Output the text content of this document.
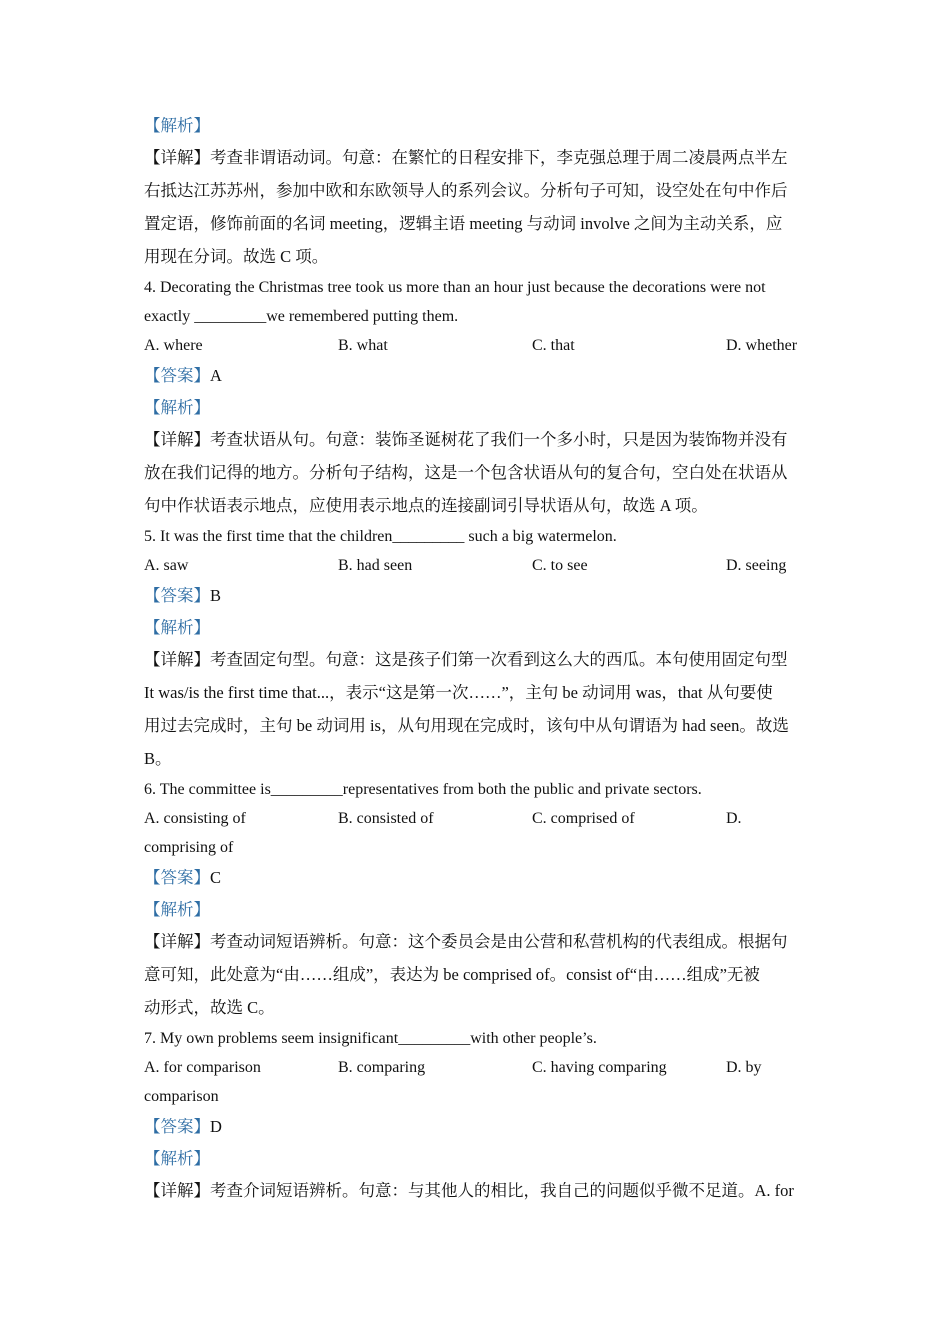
【解析】
【详解】考查非谓语动词。句意：在繁忙的日程安排下，李克强总理于周二凌晨两点半左
右抵达江苏苏州，参加中欧和东欧领导人的系列会议。分析句子可知，设空处在句中作后
置定语，修饰前面的名词 meeting，逻辑主语 meeting 与动词 involve 之间为主动关系，应
用现在分词。故选 C 项。
4. Decorating the Christmas tree took us more than an hour just because the decorations were not
exactly _________we remembered putting them.
A. where	B. what	C. that	D. whether
【答案】A
【解析】
【详解】考查状语从句。句意：装饰圣诞树花了我们一个多小时，只是因为装饰物并没有
放在我们记得的地方。分析句子结构，这是一个包含状语从句的复合句，空白处在状语从
句中作状语表示地点，应使用表示地点的连接副词引导状语从句，故选 A 项。
5. It was the first time that the children_________ such a big watermelon.
A. saw	B. had seen	C. to see	D. seeing
【答案】B
【解析】
【详解】考查固定句型。句意：这是孩子们第一次看到这么大的西瓜。本句使用固定句型
It was/is the first time that...，表示“这是第一次……”，主句 be 动词用 was，that 从句要使
用过去完成时，主句 be 动词用 is，从句用现在完成时，该句中从句谓语为 had seen。故选
B。
6. The committee is_________representatives from both the public and private sectors.
A. consisting of	B. consisted of	C. comprised of	D.
comprising of
【答案】C
【解析】
【详解】考查动词短语辨析。句意：这个委员会是由公营和私营机构的代表组成。根据句
意可知，此处意为“由……组成”，表达为 be comprised of。consist of“由……组成”无被
动形式，故选 C。
7. My own problems seem insignificant_________with other people’s.
A. for comparison	B. comparing	C. having comparing	D. by
comparison
【答案】D
【解析】
【详解】考查介词短语辨析。句意：与其他人的相比，我自己的问题似乎微不足道。A. for
